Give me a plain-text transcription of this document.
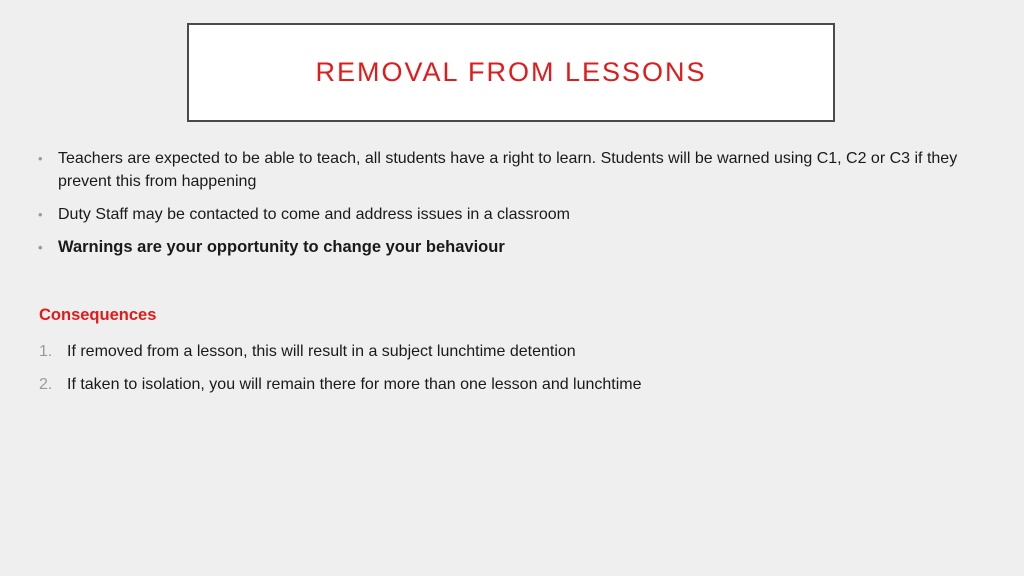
REMOVAL FROM LESSONS
• Teachers are expected to be able to teach, all students have a right to learn. Students will be warned using C1, C2 or C3 if they prevent this from happening
• Duty Staff may be contacted to come and address issues in a classroom
• Warnings are your opportunity to change your behaviour
Consequences
1. If removed from a lesson, this will result in a subject lunchtime detention
2. If taken to isolation, you will remain there for more than one lesson and lunchtime
